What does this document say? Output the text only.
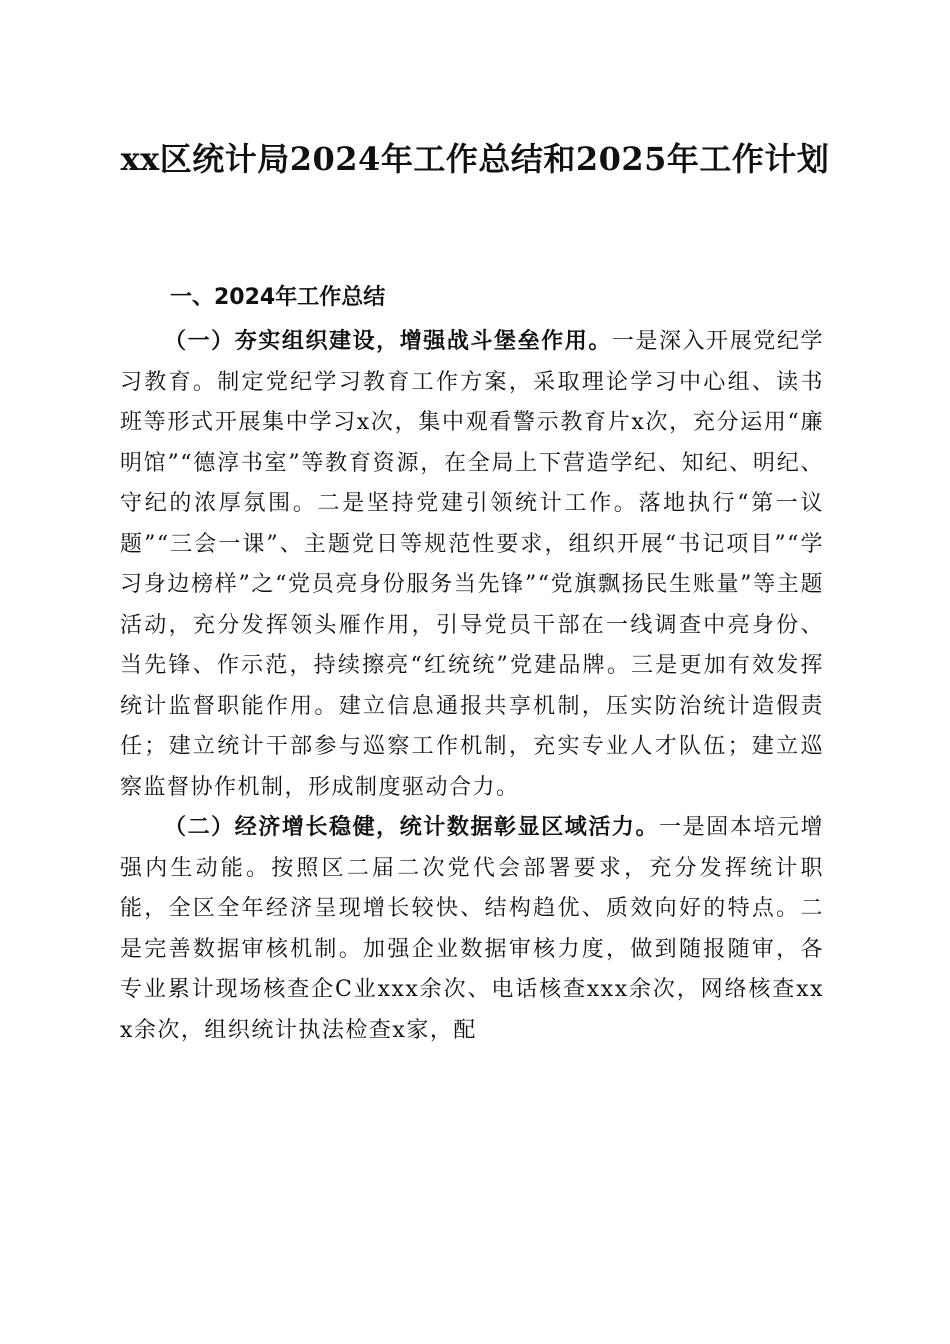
xx区统计局2024年工作总结和2025年工作计划
一、2024年工作总结

（一）夯实组织建设，增强战斗堡垒作用。一是深入开展党纪学习教育。制定党纪学习教育工作方案，采取理论学习中心组、读书班等形式开展集中学习x次，集中观看警示教育片x次，充分运用“廉明馆”“德淳书室”等教育资源，在全局上下营造学纪、知纪、明纪、守纪的浓厚氛围。二是坚持党建引领统计工作。落地执行“第一议题”“三会一课”、主题党日等规范性要求，组织开展“书记项目”“学习身边榜样”之“党员亮身份服务当先锋”“党旗飘扬民生账量”等主题活动，充分发挥领头雁作用，引导党员干部在一线调查中亮身份、当先锋、作示范，持续擦亮“红统统”党建品牌。三是更加有效发挥统计监督职能作用。建立信息通报共享机制，压实防治统计造假责任；建立统计干部参与巡察工作机制，充实专业人才队伍；建立巡察监督协作机制，形成制度驱动合力。

（二）经济增长稳健，统计数据彰显区域活力。一是固本培元增强内生动能。按照区二届二次党代会部署要求，充分发挥统计职能，全区全年经济呈现增长较快、结构趋优、质效向好的特点。二是完善数据审核机制。加强企业数据审核力度，做到随报随审，各专业累计现场核查企C业xxx余次、电话核查xxx余次，网络核查xxx余次，组织统计执法检查x家，配
